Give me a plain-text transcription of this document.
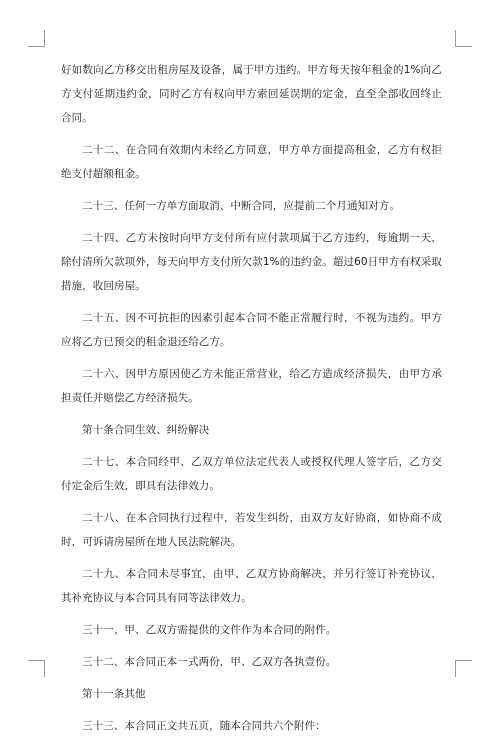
好如数向乙方移交出租房屋及设备，属于甲方违约。甲方每天按年租金的1%向乙方支付延期违约金，同时乙方有权向甲方索回延误期的定金，直至全部收回终止合同。

二十二、在合同有效期内未经乙方同意，甲方单方面提高租金，乙方有权拒绝支付超额租金。

二十三、任何一方单方面取消、中断合同，应提前二个月通知对方。

二十四、乙方未按时向甲方支付所有应付款项属于乙方违约，每逾期一天，除付清所欠款项外，每天向甲方支付所欠款1%的违约金。超过60日甲方有权采取措施，收回房屋。

二十五、因不可抗拒的因素引起本合同不能正常履行时，不视为违约。甲方应将乙方已预交的租金退还给乙方。

二十六、因甲方原因使乙方未能正常营业，给乙方造成经济损失，由甲方承担责任并赔偿乙方经济损失。

第十条合同生效、纠纷解决

二十七、本合同经甲、乙双方单位法定代表人或授权代理人签字后，乙方交付定金后生效，即具有法律效力。

二十八、在本合同执行过程中，若发生纠纷，由双方友好协商，如协商不成时，可诉请房屋所在地人民法院解决。

二十九、本合同未尽事宜，由甲、乙双方协商解决，并另行签订补充协议，其补充协议与本合同具有同等法律效力。

三十一、甲、乙双方需提供的文件作为本合同的附件。

三十二、本合同正本一式两份，甲、乙双方各执壹份。

第十一条其他

三十三、本合同正文共五页，随本合同共六个附件：
